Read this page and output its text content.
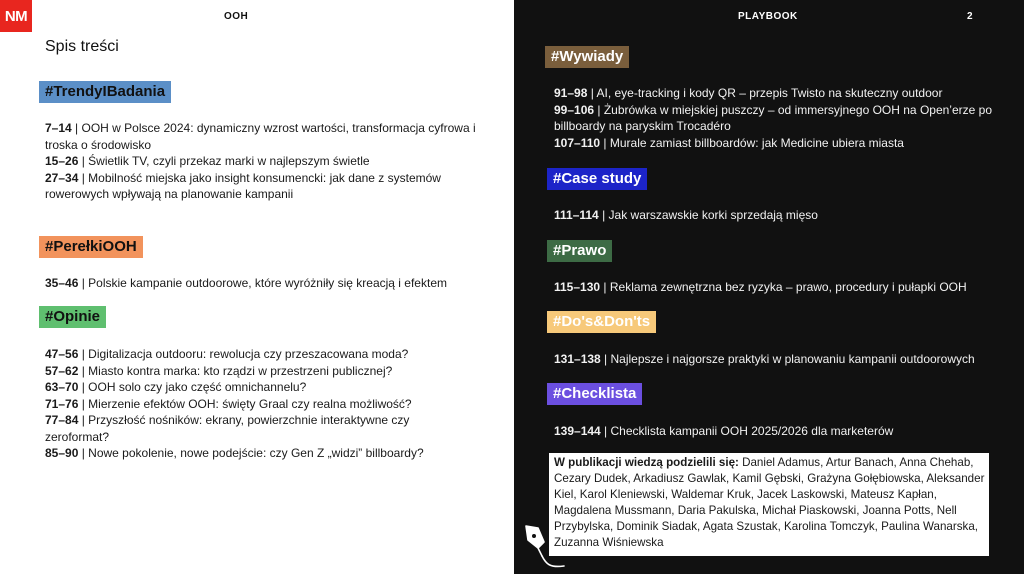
NM	OOH
Spis treści
#TrendyIBadania

7–14 | OOH w Polsce 2024: dynamiczny wzrost wartości, transformacja cyfrowa i troska o środowisko

15–26 | Świetlik TV, czyli przekaz marki w najlepszym świetle

27–34 | Mobilność miejska jako insight konsumencki: jak dane z systemów rowerowych wpływają na planowanie kampanii

#PerełkiOOH

35–46 | Polskie kampanie outdoorowe, które wyróżniły się kreacją i efektem

#Opinie

47–56 | Digitalizacja outdooru: rewolucja czy przeszacowana moda?

57–62 | Miasto kontra marka: kto rządzi w przestrzeni publicznej?

63–70 | OOH solo czy jako część omnichannelu?

71–76 | Mierzenie efektów OOH: święty Graal czy realna możliwość?

77–84 | Przyszłość nośników: ekrany, powierzchnie interaktywne czy zeroformat?

85–90 | Nowe pokolenie, nowe podejście: czy Gen Z „widzi” billboardy?

PLAYBOOK	2
#Wywiady

91–98 | AI, eye-tracking i kody QR – przepis Twisto na skuteczny outdoor

99–106 | Żubrówka w miejskiej puszczy – od immersyjnego OOH na Open’erze po billboardy na paryskim Trocadéro

107–110 | Murale zamiast billboardów: jak Medicine ubiera miasta

#Case study

111–114 | Jak warszawskie korki sprzedają mięso

#Prawo

115–130 | Reklama zewnętrzna bez ryzyka – prawo, procedury i pułapki OOH

#Do's&Don'ts

131–138 | Najlepsze i najgorsze praktyki w planowaniu kampanii outdoorowych

#Checklista

139–144 | Checklista kampanii OOH 2025/2026 dla marketerów

W publikacji wiedzą podzielili się: Daniel Adamus, Artur Banach, Anna Chehab, Cezary Dudek, Arkadiusz Gawlak, Kamil Gębski, Grażyna Gołębiowska, Aleksander Kiel, Karol Kleniewski, Waldemar Kruk, Jacek Laskowski, Mateusz Kapłan, Magdalena Mussmann, Daria Pakulska, Michał Piaskowski, Joanna Potts, Nell Przybylska, Dominik Siadak, Agata Szustak, Karolina Tomczyk, Paulina Wanarska, Zuzanna Wiśniewska
